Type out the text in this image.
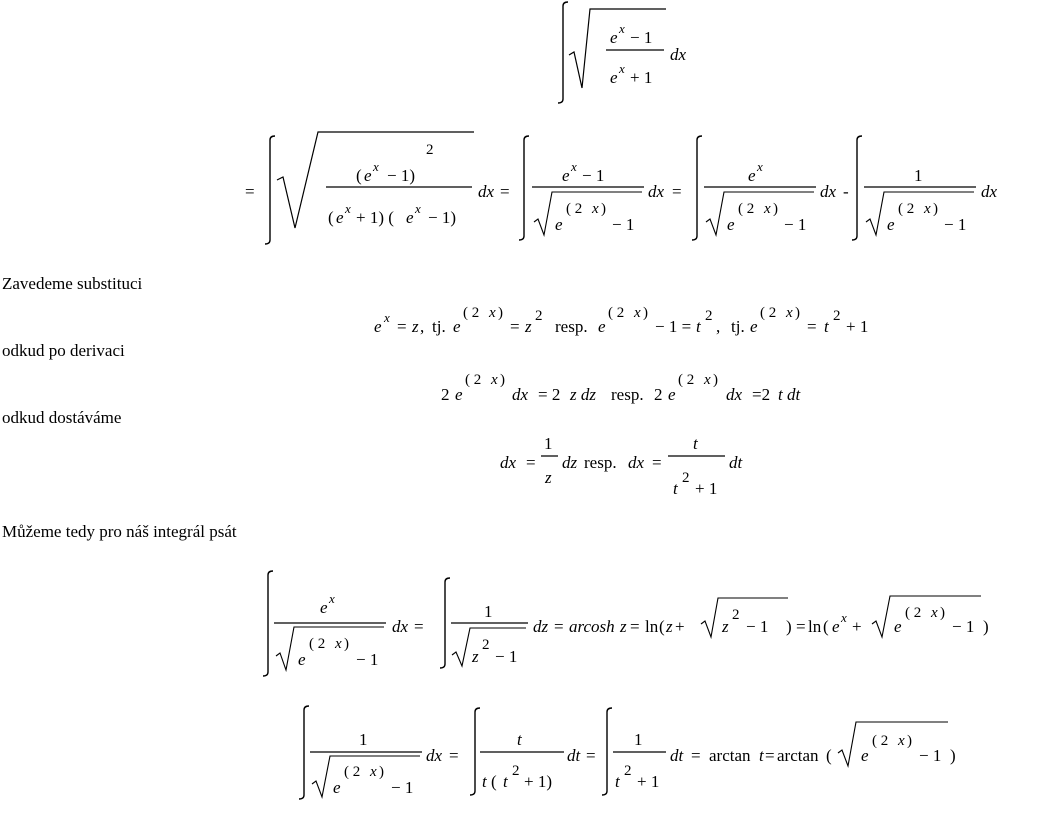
Zavedeme substituci
odkud po derivaci
odkud dostáváme
Můžeme tedy pro náš integrál psát
e x − 1
e x + 1
dx
=
2
( e x − 1)
( e x + 1) ( e x − 1)
dx =
e x − 1
e
( 2 x )
− 1
dx =
e x
e
( 2 x )
− 1
dx -
1
e
( 2 x )
− 1
dx
e x = z , tj. e
( 2 x )
= z
2
resp. e
( 2 x )
− 1 = t
2
, tj. e
( 2 x )
= t
2
+ 1
2 e
( 2 x )
dx = 2 z dz resp. 2 e
( 2 x )
dx =2 t dt
dx =
1
z
dz resp. dx =
t
t
2
+ 1
dt
e x
e
( 2 x )
− 1
dx =
1
z
2
− 1
dz = arcosh z = ln ( z + z
2
− 1 ) = ln ( e x + e
( 2 x )
− 1 )
1
e
( 2 x )
− 1
dx =
t
t ( t
2
+ 1)
dt =
1
t
2
+ 1
dt = arctan t = arctan ( e
( 2 x )
− 1 )
